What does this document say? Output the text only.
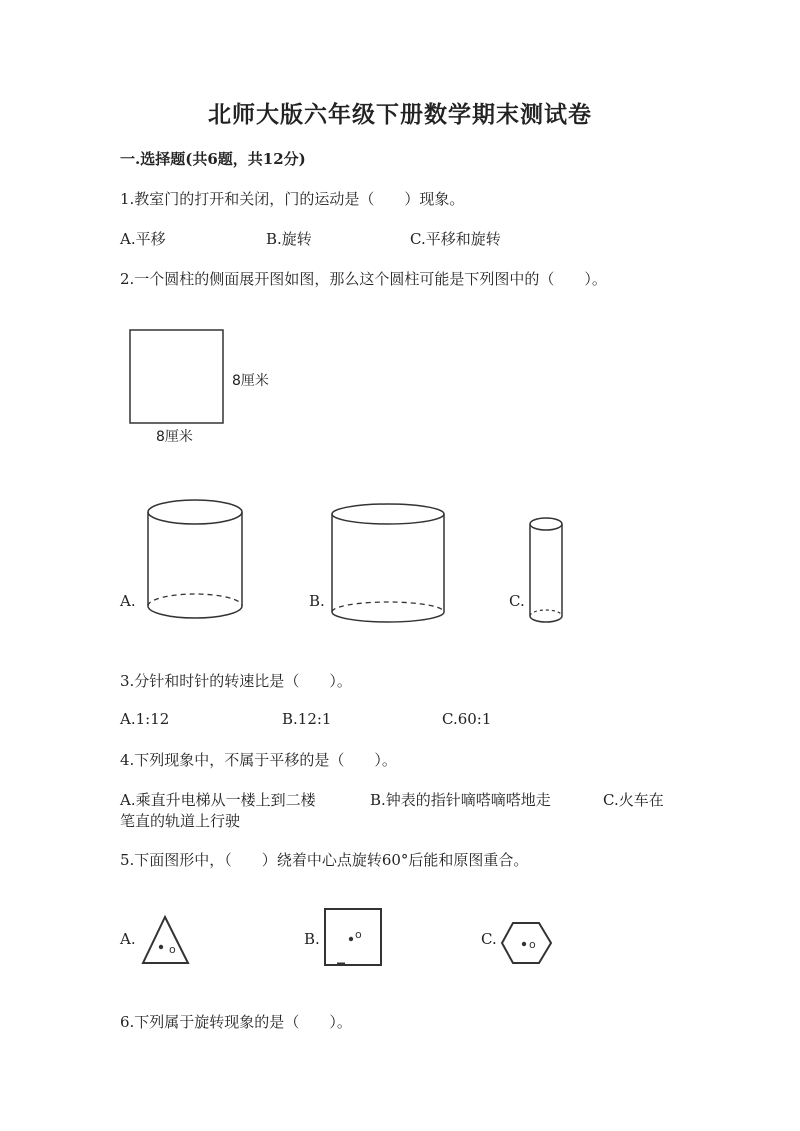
北师大版六年级下册数学期末测试卷
一.选择题(共6题，共12分)
1.教室门的打开和关闭，门的运动是（　　）现象。
A.平移	B.旋转	C.平移和旋转
2.一个圆柱的侧面展开图如图，那么这个圆柱可能是下列图中的（　　）。
8厘米
8厘米
A.	B.	C.
3.分针和时针的转速比是（　　）。
A.1:12	B.12:1	C.60:1
4.下列现象中，不属于平移的是（　　）。
A.乘直升电梯从一楼上到二楼	B.钟表的指针嘀嗒嘀嗒地走	C.火车在
笔直的轨道上行驶
5.下面图形中，（　　）绕着中心点旋转60°后能和原图重合。
A.
o
B.	o	C.	o
6.下列属于旋转现象的是（　　）。
